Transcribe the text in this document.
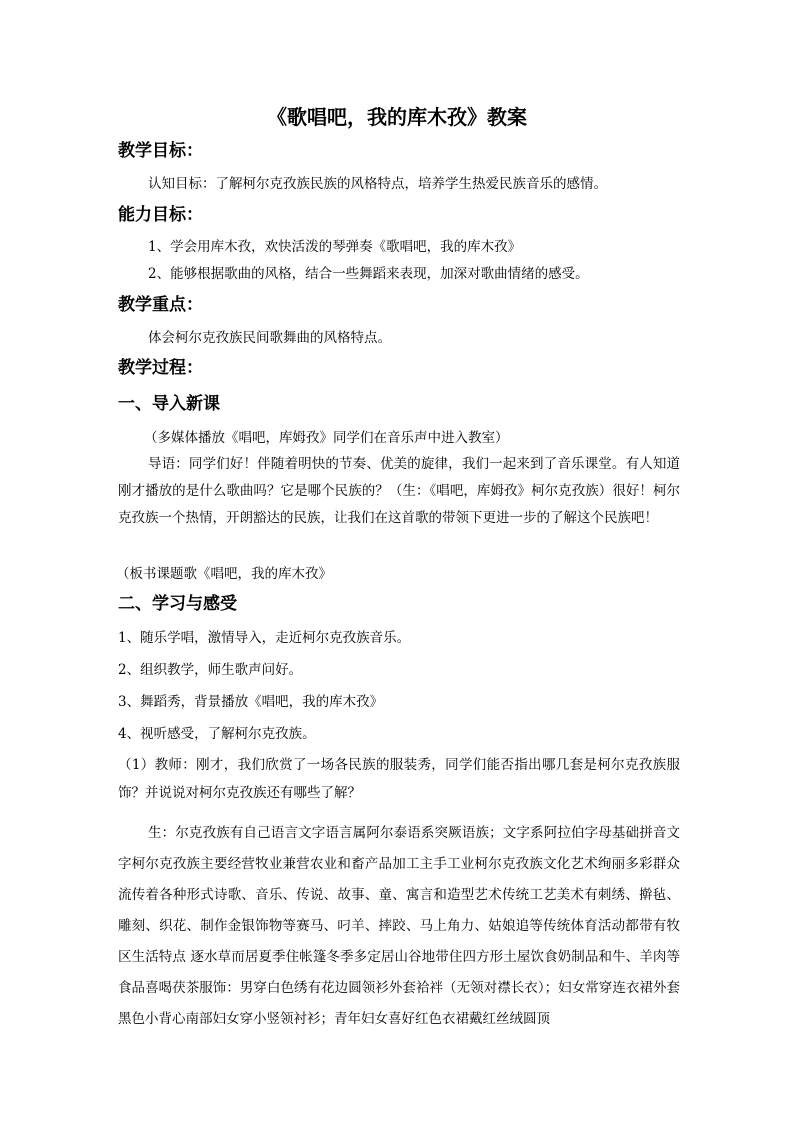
《歌唱吧，我的库木孜》教案
教学目标：
认知目标：了解柯尔克孜族民族的风格特点，培养学生热爱民族音乐的感情。
能力目标：
1、学会用库木孜，欢快活泼的琴弹奏《歌唱吧，我的库木孜》
2、能够根据歌曲的风格，结合一些舞蹈来表现，加深对歌曲情绪的感受。
教学重点：
体会柯尔克孜族民间歌舞曲的风格特点。
教学过程：
一、导入新课
（多媒体播放《唱吧，库姆孜》同学们在音乐声中进入教室）

导语：同学们好！伴随着明快的节奏、优美的旋律，我们一起来到了音乐课堂。有人知道刚才播放的是什么歌曲吗？它是哪个民族的？（生：《唱吧，库姆孜》柯尔克孜族）很好！柯尔克孜族一个热情，开朗豁达的民族，让我们在这首歌的带领下更进一步的了解这个民族吧！

（板书课题歌《唱吧，我的库木孜》
二、学习与感受
1、随乐学唱，激情导入，走近柯尔克孜族音乐。
2、组织教学，师生歌声问好。
3、舞蹈秀，背景播放《唱吧，我的库木孜》
4、视听感受，了解柯尔克孜族。

（1）教师：刚才，我们欣赏了一场各民族的服装秀，同学们能否指出哪几套是柯尔克孜族服饰？并说说对柯尔克孜族还有哪些了解？

生：尔克孜族有自己语言文字语言属阿尔泰语系突厥语族；文字系阿拉伯字母基础拼音文字柯尔克孜族主要经营牧业兼营农业和畜产品加工主手工业柯尔克孜族文化艺术绚丽多彩群众流传着各种形式诗歌、音乐、传说、故事、童、寓言和造型艺术传统工艺美术有刺绣、擀毡、雕刻、织花、制作金银饰物等赛马、叼羊、摔跤、马上角力、姑娘追等传统体育活动都带有牧区生活特点 逐水草而居夏季住帐篷冬季多定居山谷地带住四方形土屋饮食奶制品和牛、羊肉等食品喜喝茯茶服饰：男穿白色绣有花边圆领衫外套袷袢（无领对襟长衣）；妇女常穿连衣裙外套黑色小背心南部妇女穿小竖领衬衫；青年妇女喜好红色衣裙戴红丝绒圆顶
